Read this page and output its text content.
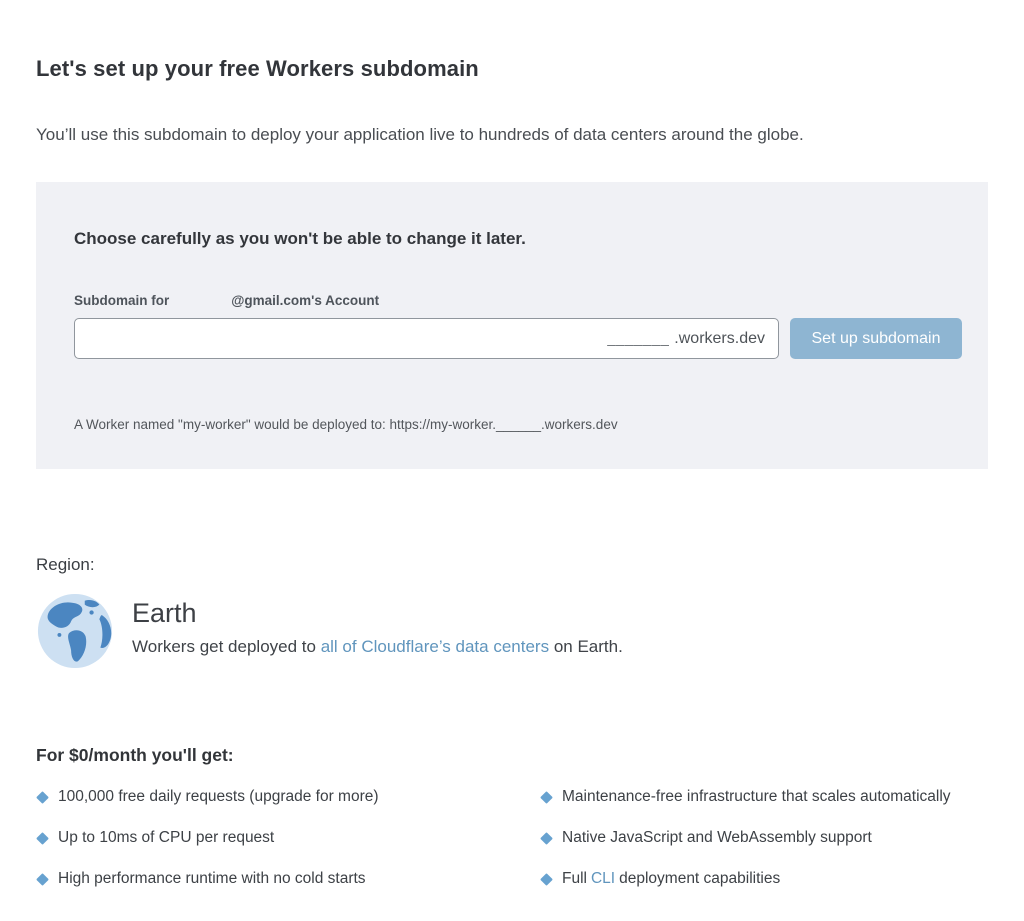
Let's set up your free Workers subdomain

You’ll use this subdomain to deploy your application live to hundreds of data centers around the globe.

Choose carefully as you won't be able to change it later.

Subdomain for	@gmail.com's Account
_______ .workers.dev	Set up subdomain

A Worker named "my-worker" would be deployed to: https://my-worker.______.workers.dev

Region:

Earth

Workers get deployed to all of Cloudflare’s data centers on Earth.

For $0/month you'll get:

100,000 free daily requests (upgrade for more)
Up to 10ms of CPU per request
High performance runtime with no cold starts
Maintenance-free infrastructure that scales automatically
Native JavaScript and WebAssembly support
Full CLI deployment capabilities
